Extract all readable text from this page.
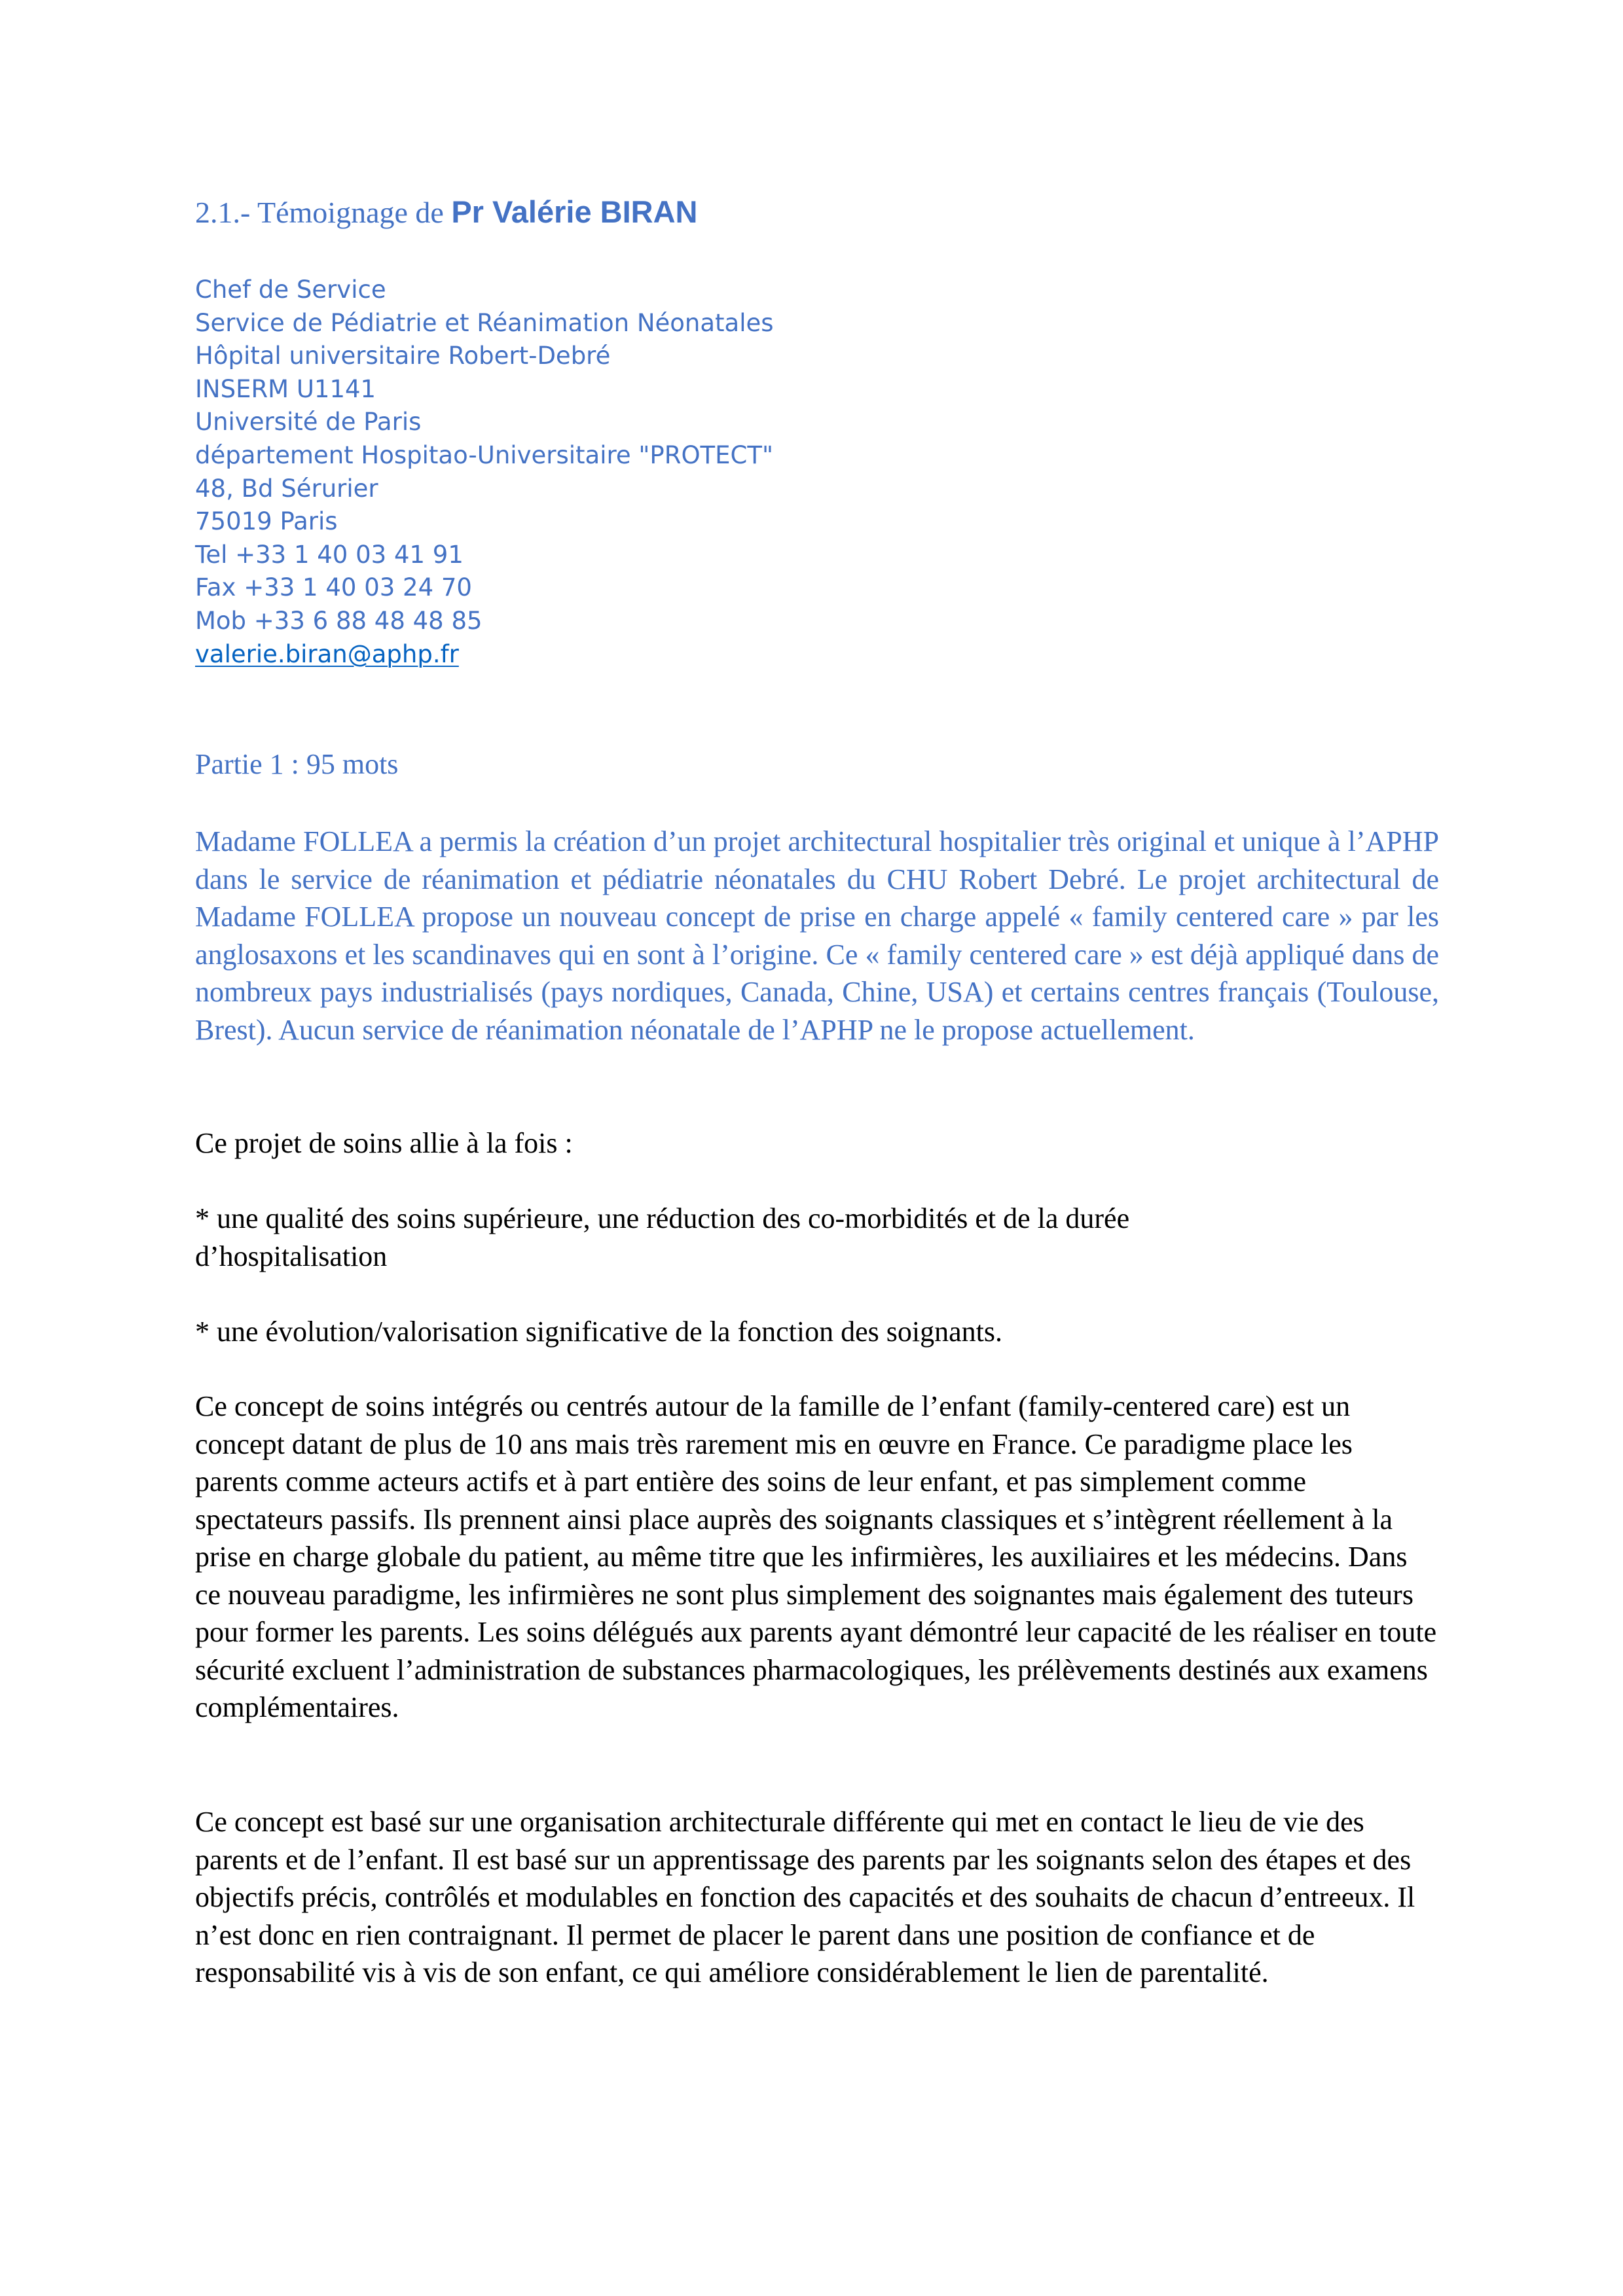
2.1.- Témoignage de Pr Valérie BIRAN
Chef de Service
Service de Pédiatrie et Réanimation Néonatales
Hôpital universitaire Robert-Debré
INSERM U1141
Université de Paris
département Hospitao-Universitaire "PROTECT"
48, Bd Sérurier
75019 Paris
Tel +33 1 40 03 41 91
Fax +33 1 40 03 24 70
Mob +33 6 88 48 48 85
valerie.biran@aphp.fr
Partie 1 : 95 mots

Madame FOLLEA a permis la création d’un projet architectural hospitalier très original et unique à l’APHP dans le service de réanimation et pédiatrie néonatales du CHU Robert Debré. Le projet architectural de Madame FOLLEA propose un nouveau concept de prise en charge appelé « family centered care » par les anglosaxons et les scandinaves qui en sont à l’origine. Ce « family centered care » est déjà appliqué dans de nombreux pays industrialisés (pays nordiques, Canada, Chine, USA) et certains centres français (Toulouse, Brest). Aucun service de réanimation néonatale de l’APHP ne le propose actuellement.

Ce projet de soins allie à la fois :

* une qualité des soins supérieure, une réduction des co-morbidités et de la durée d’hospitalisation

* une évolution/valorisation significative de la fonction des soignants.

Ce concept de soins intégrés ou centrés autour de la famille de l’enfant (family-centered care) est un concept datant de plus de 10 ans mais très rarement mis en œuvre en France. Ce paradigme place les parents comme acteurs actifs et à part entière des soins de leur enfant, et pas simplement comme spectateurs passifs. Ils prennent ainsi place auprès des soignants classiques et s’intègrent réellement à la prise en charge globale du patient, au même titre que les infirmières, les auxiliaires et les médecins. Dans ce nouveau paradigme, les infirmières ne sont plus simplement des soignantes mais également des tuteurs pour former les parents. Les soins délégués aux parents ayant démontré leur capacité de les réaliser en toute sécurité excluent l’administration de substances pharmacologiques, les prélèvements destinés aux examens complémentaires.

Ce concept est basé sur une organisation architecturale différente qui met en contact le lieu de vie des parents et de l’enfant. Il est basé sur un apprentissage des parents par les soignants selon des étapes et des objectifs précis, contrôlés et modulables en fonction des capacités et des souhaits de chacun d’entreeux. Il n’est donc en rien contraignant. Il permet de placer le parent dans une position de confiance et de responsabilité vis à vis de son enfant, ce qui améliore considérablement le lien de parentalité.
